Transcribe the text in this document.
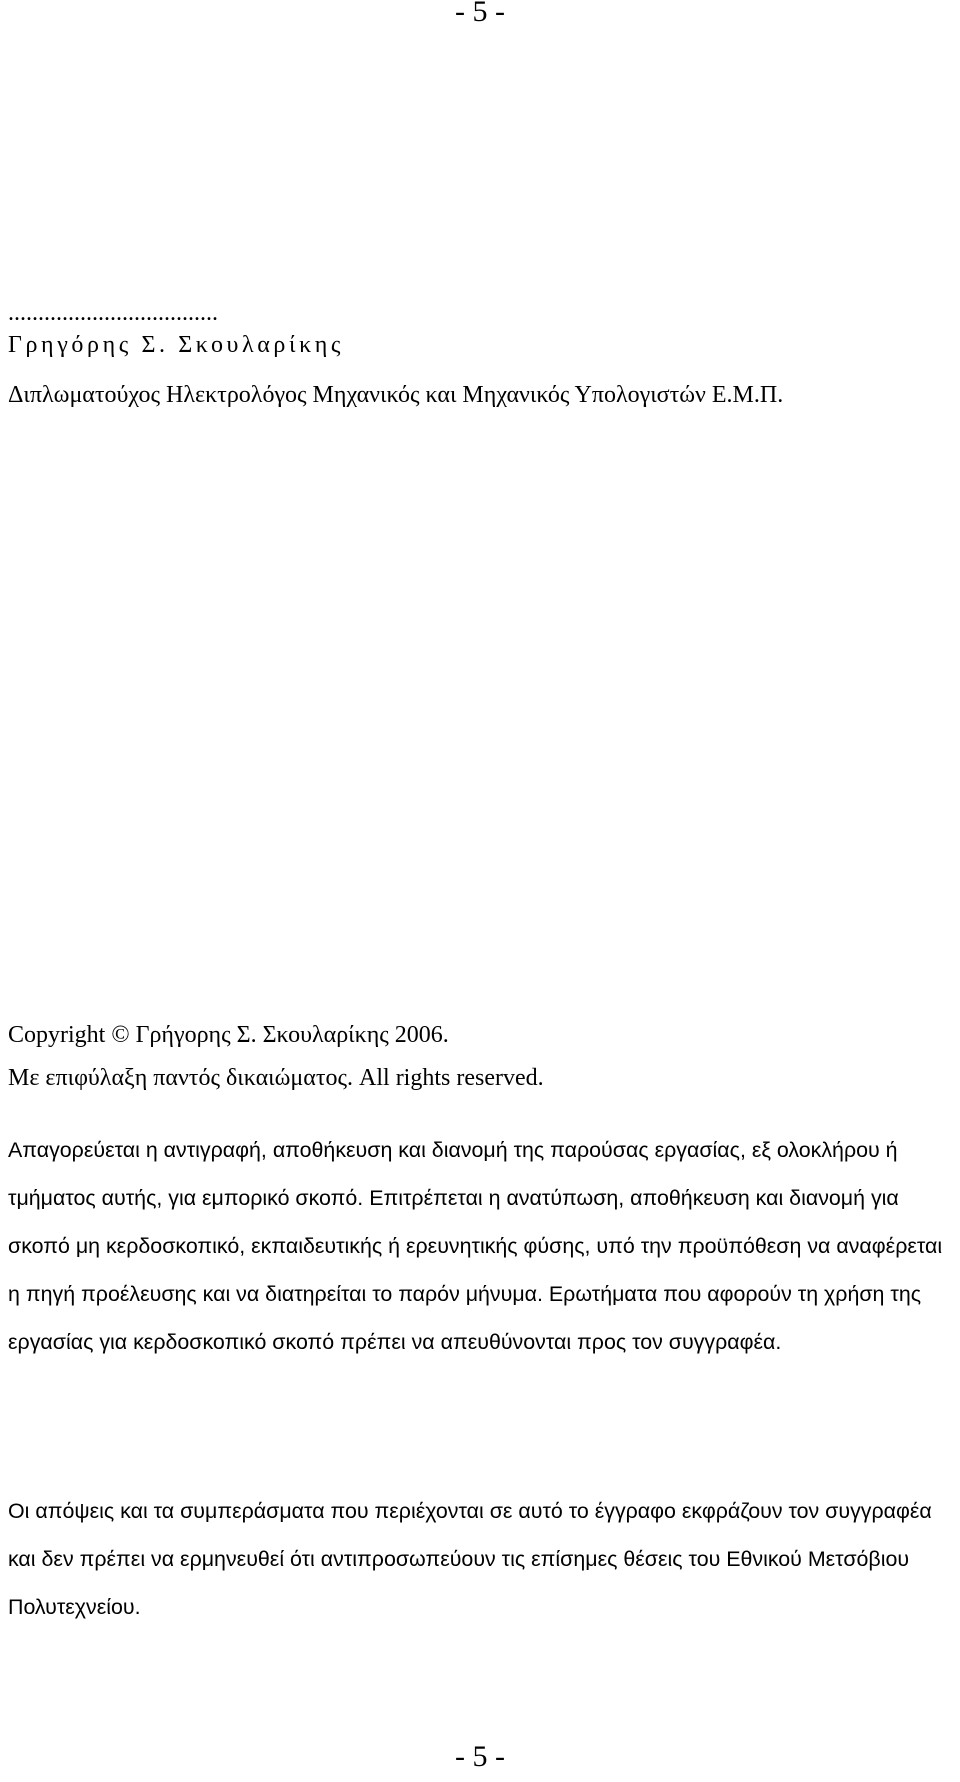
- 5 -
...................................
Γρηγόρης Σ. Σκουλαρίκης
Διπλωματούχος Ηλεκτρολόγος Μηχανικός και Μηχανικός Υπολογιστών Ε.Μ.Π.
Copyright © Γρήγορης Σ. Σκουλαρίκης 2006.
Με επιφύλαξη παντός δικαιώματος. All rights reserved.

Απαγορεύεται η αντιγραφή, αποθήκευση και διανομή της παρούσας εργασίας, εξ ολοκλήρου ή τμήματος αυτής, για εμπορικό σκοπό. Επιτρέπεται η ανατύπωση, αποθήκευση και διανομή για σκοπό μη κερδοσκοπικό, εκπαιδευτικής ή ερευνητικής φύσης, υπό την προϋπόθεση να αναφέρεται η πηγή προέλευσης και να διατηρείται το παρόν μήνυμα. Ερωτήματα που αφορούν τη χρήση της εργασίας για κερδοσκοπικό σκοπό πρέπει να απευθύνονται προς τον συγγραφέα.

Οι απόψεις και τα συμπεράσματα που περιέχονται σε αυτό το έγγραφο εκφράζουν τον συγγραφέα και δεν πρέπει να ερμηνευθεί ότι αντιπροσωπεύουν τις επίσημες θέσεις του Εθνικού Μετσόβιου Πολυτεχνείου.

- 5 -
